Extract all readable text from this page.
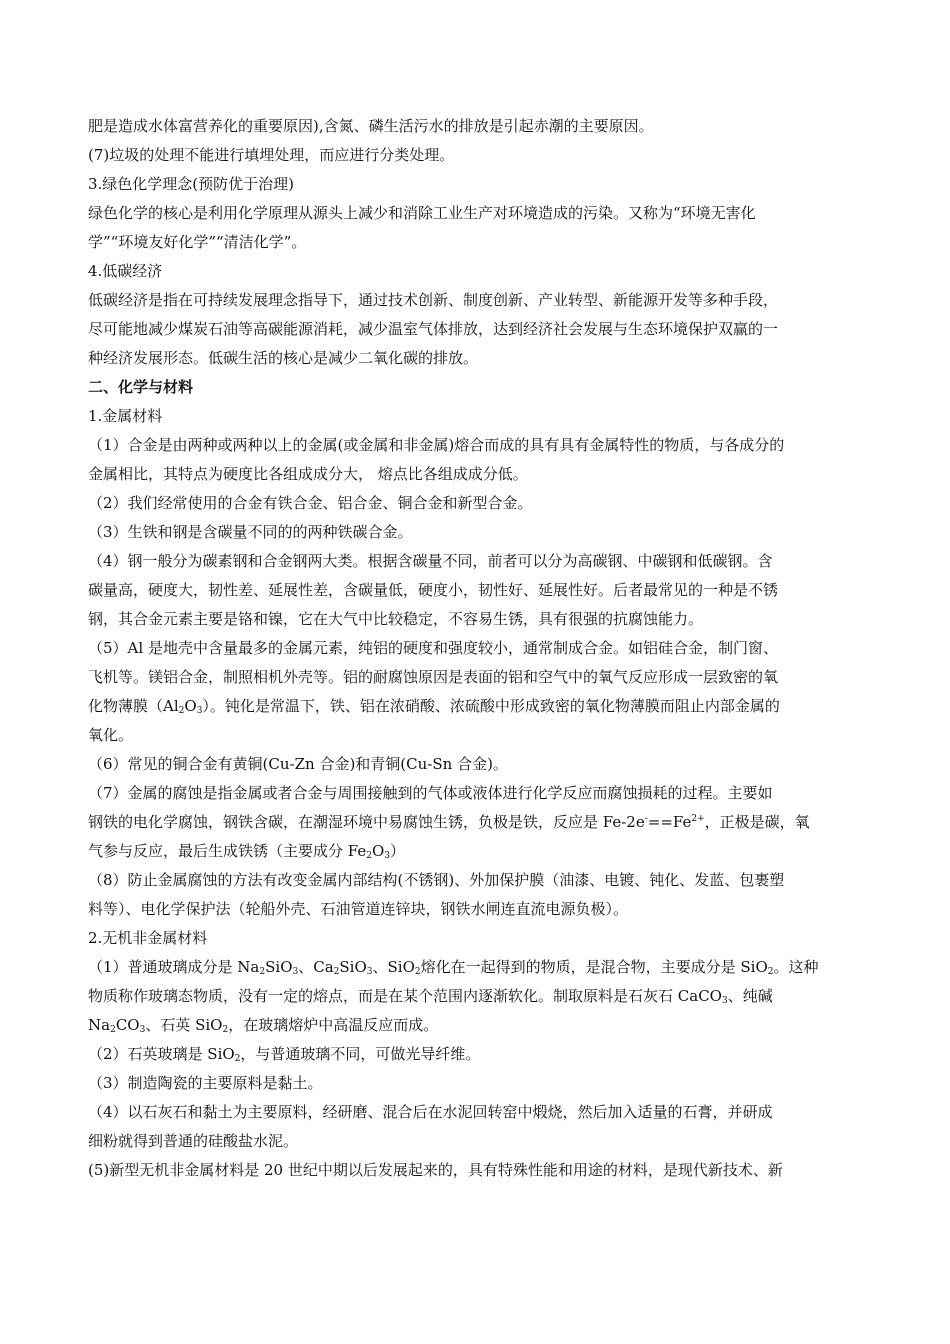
肥是造成水体富营养化的重要原因),含氮、磷生活污水的排放是引起赤潮的主要原因。
(7)垃圾的处理不能进行填埋处理，而应进行分类处理。
3.绿色化学理念(预防优于治理)
绿色化学的核心是利用化学原理从源头上减少和消除工业生产对环境造成的污染。又称为“环境无害化
学”“环境友好化学”“清洁化学”。
4.低碳经济
低碳经济是指在可持续发展理念指导下，通过技术创新、制度创新、产业转型、新能源开发等多种手段，
尽可能地减少煤炭石油等高碳能源消耗，减少温室气体排放，达到经济社会发展与生态环境保护双赢的一
种经济发展形态。低碳生活的核心是减少二氧化碳的排放。
二、化学与材料
1.金属材料
（1）合金是由两种或两种以上的金属(或金属和非金属)熔合而成的具有具有金属特性的物质，与各成分的
金属相比，其特点为硬度比各组成成分大， 熔点比各组成成分低。
（2）我们经常使用的合金有铁合金、铝合金、铜合金和新型合金。
（3）生铁和钢是含碳量不同的的两种铁碳合金。
（4）钢一般分为碳素钢和合金钢两大类。根据含碳量不同，前者可以分为高碳钢、中碳钢和低碳钢。含
碳量高，硬度大，韧性差、延展性差，含碳量低，硬度小，韧性好、延展性好。后者最常见的一种是不锈
钢，其合金元素主要是铬和镍，它在大气中比较稳定，不容易生锈，具有很强的抗腐蚀能力。
（5）Al 是地壳中含量最多的金属元素，纯铝的硬度和强度较小，通常制成合金。如铝硅合金，制门窗、
飞机等。镁铝合金，制照相机外壳等。铝的耐腐蚀原因是表面的铝和空气中的氧气反应形成一层致密的氧
化物薄膜$(Al_2O_3)$。钝化是常温下，铁、铝在浓硝酸、浓硫酸中形成致密的氧化物薄膜而阻止内部金属的
氧化。
（6）常见的铜合金有黄铜(Cu-Zn 合金)和青铜(Cu-Sn 合金)。
（7）金属的腐蚀是指金属或者合金与周围接触到的气体或液体进行化学反应而腐蚀损耗的过程。主要如
钢铁的电化学腐蚀，钢铁含碳，在潮湿环境中易腐蚀生锈，负极是铁，反应是 $Fe-2e^-==Fe^{2+}$，正极是碳，氧
气参与反应，最后生成铁锈（主要成分 $Fe_2O_3$）
（8）防止金属腐蚀的方法有改变金属内部结构(不锈钢)、外加保护膜（油漆、电镀、钝化、发蓝、包裹塑
料等）、电化学保护法（轮船外壳、石油管道连锌块，钢铁水闸连直流电源负极）。
2.无机非金属材料
（1）普通玻璃成分是 $Na_2SiO_3$、$Ca_2SiO_3$、SiO$_2$熔化在一起得到的物质，是混合物，主要成分是 SiO$_2$。这种
物质称作玻璃态物质，没有一定的熔点，而是在某个范围内逐渐软化。制取原料是石灰石 CaCO$_3$、纯碱
$Na_2CO_3$、石英 SiO$_2$，在玻璃熔炉中高温反应而成。
（2）石英玻璃是 SiO$_2$，与普通玻璃不同，可做光导纤维。
（3）制造陶瓷的主要原料是黏土。
（4）以石灰石和黏土为主要原料，经研磨、混合后在水泥回转窑中煅烧，然后加入适量的石膏，并研成
细粉就得到普通的硅酸盐水泥。
(5)新型无机非金属材料是 20 世纪中期以后发展起来的，具有特殊性能和用途的材料，是现代新技术、新
